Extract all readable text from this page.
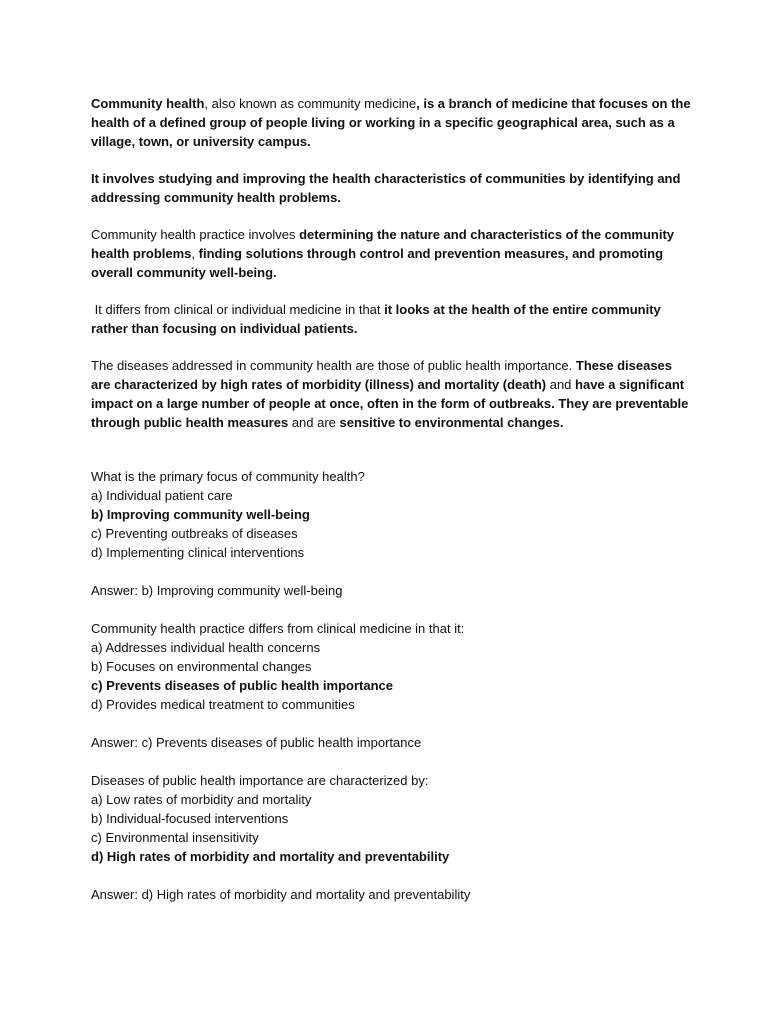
Community health, also known as community medicine, is a branch of medicine that focuses on the health of a defined group of people living or working in a specific geographical area, such as a village, town, or university campus.

It involves studying and improving the health characteristics of communities by identifying and addressing community health problems.

Community health practice involves determining the nature and characteristics of the community health problems, finding solutions through control and prevention measures, and promoting overall community well-being.

It differs from clinical or individual medicine in that it looks at the health of the entire community rather than focusing on individual patients.

The diseases addressed in community health are those of public health importance. These diseases are characterized by high rates of morbidity (illness) and mortality (death) and have a significant impact on a large number of people at once, often in the form of outbreaks. They are preventable through public health measures and are sensitive to environmental changes.

What is the primary focus of community health?

a) Individual patient care

b) Improving community well-being

c) Preventing outbreaks of diseases

d) Implementing clinical interventions

Answer: b) Improving community well-being

Community health practice differs from clinical medicine in that it:

a) Addresses individual health concerns

b) Focuses on environmental changes

c) Prevents diseases of public health importance

d) Provides medical treatment to communities

Answer: c) Prevents diseases of public health importance

Diseases of public health importance are characterized by:

a) Low rates of morbidity and mortality

b) Individual-focused interventions

c) Environmental insensitivity

d) High rates of morbidity and mortality and preventability

Answer: d) High rates of morbidity and mortality and preventability
